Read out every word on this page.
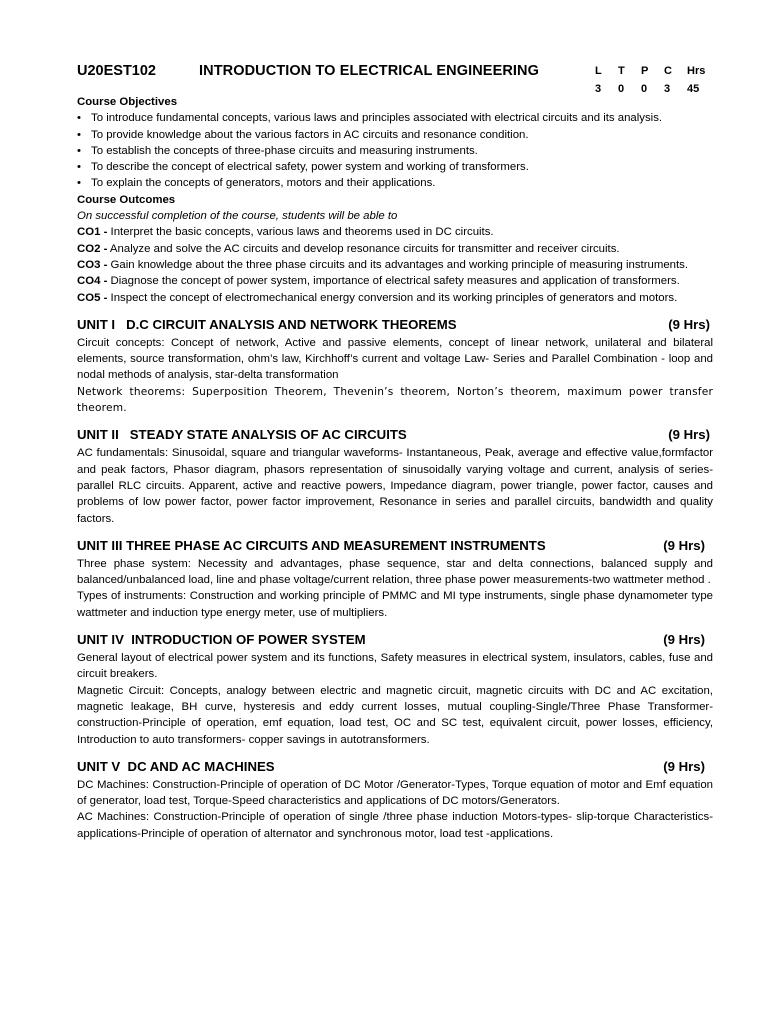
U20EST102	INTRODUCTION TO ELECTRICAL ENGINEERING	L	T	P	C	Hrs
3	0	0	3	45
Course Objectives
• To introduce fundamental concepts, various laws and principles associated with electrical circuits and its analysis.
• To provide knowledge about the various factors in AC circuits and resonance condition.
• To establish the concepts of three-phase circuits and measuring instruments.
• To describe the concept of electrical safety, power system and working of transformers.
• To explain the concepts of generators, motors and their applications.
Course Outcomes
On successful completion of the course, students will be able to

CO1 - Interpret the basic concepts, various laws and theorems used in DC circuits.

CO2 - Analyze and solve the AC circuits and develop resonance circuits for transmitter and receiver circuits.

CO3 - Gain knowledge about the three phase circuits and its advantages and working principle of measuring instruments.

CO4 - Diagnose the concept of power system, importance of electrical safety measures and application of transformers.

CO5 - Inspect the concept of electromechanical energy conversion and its working principles of generators and motors.

UNIT I   D.C CIRCUIT ANALYSIS AND NETWORK THEOREMS	(9 Hrs)

Circuit concepts: Concept of network, Active and passive elements, concept of linear network, unilateral and bilateral elements, source transformation, ohm’s law, Kirchhoff’s current and voltage Law- Series and Parallel Combination - loop and nodal methods of analysis, star-delta transformation

Network theorems: Superposition Theorem, Thevenin’s theorem, Norton’s theorem, maximum power transfer theorem.

UNIT II   STEADY STATE ANALYSIS OF AC CIRCUITS	(9 Hrs)

AC fundamentals: Sinusoidal, square and triangular waveforms- Instantaneous, Peak, average and effective value,formfactor and peak factors, Phasor diagram, phasors representation of sinusoidally varying voltage and current, analysis of series-parallel RLC circuits. Apparent, active and reactive powers, Impedance diagram, power triangle, power factor, causes and problems of low power factor, power factor improvement, Resonance in series and parallel circuits, bandwidth and quality factors.

UNIT III THREE PHASE AC CIRCUITS AND MEASUREMENT INSTRUMENTS	(9 Hrs)

Three phase system: Necessity and advantages, phase sequence, star and delta connections, balanced supply and balanced/unbalanced load, line and phase voltage/current relation, three phase power measurements-two wattmeter method .

Types of instruments: Construction and working principle of PMMC and MI type instruments, single phase dynamometer type wattmeter and induction type energy meter, use of multipliers.

UNIT IV  INTRODUCTION OF POWER SYSTEM	(9 Hrs)

General layout of electrical power system and its functions, Safety measures in electrical system, insulators, cables, fuse and circuit breakers.

Magnetic Circuit: Concepts, analogy between electric and magnetic circuit, magnetic circuits with DC and AC excitation, magnetic leakage, BH curve, hysteresis and eddy current losses, mutual coupling-Single/Three Phase Transformer- construction-Principle of operation, emf equation, load test, OC and SC test, equivalent circuit, power losses, efficiency, Introduction to auto transformers- copper savings in autotransformers.

UNIT V  DC AND AC MACHINES	(9 Hrs)

DC Machines: Construction-Principle of operation of DC Motor /Generator-Types, Torque equation of motor and Emf equation of generator, load test, Torque-Speed characteristics and applications of DC motors/Generators.

AC Machines: Construction-Principle of operation of single /three phase induction Motors-types- slip-torque Characteristics-applications-Principle of operation of alternator and synchronous motor, load test -applications.
